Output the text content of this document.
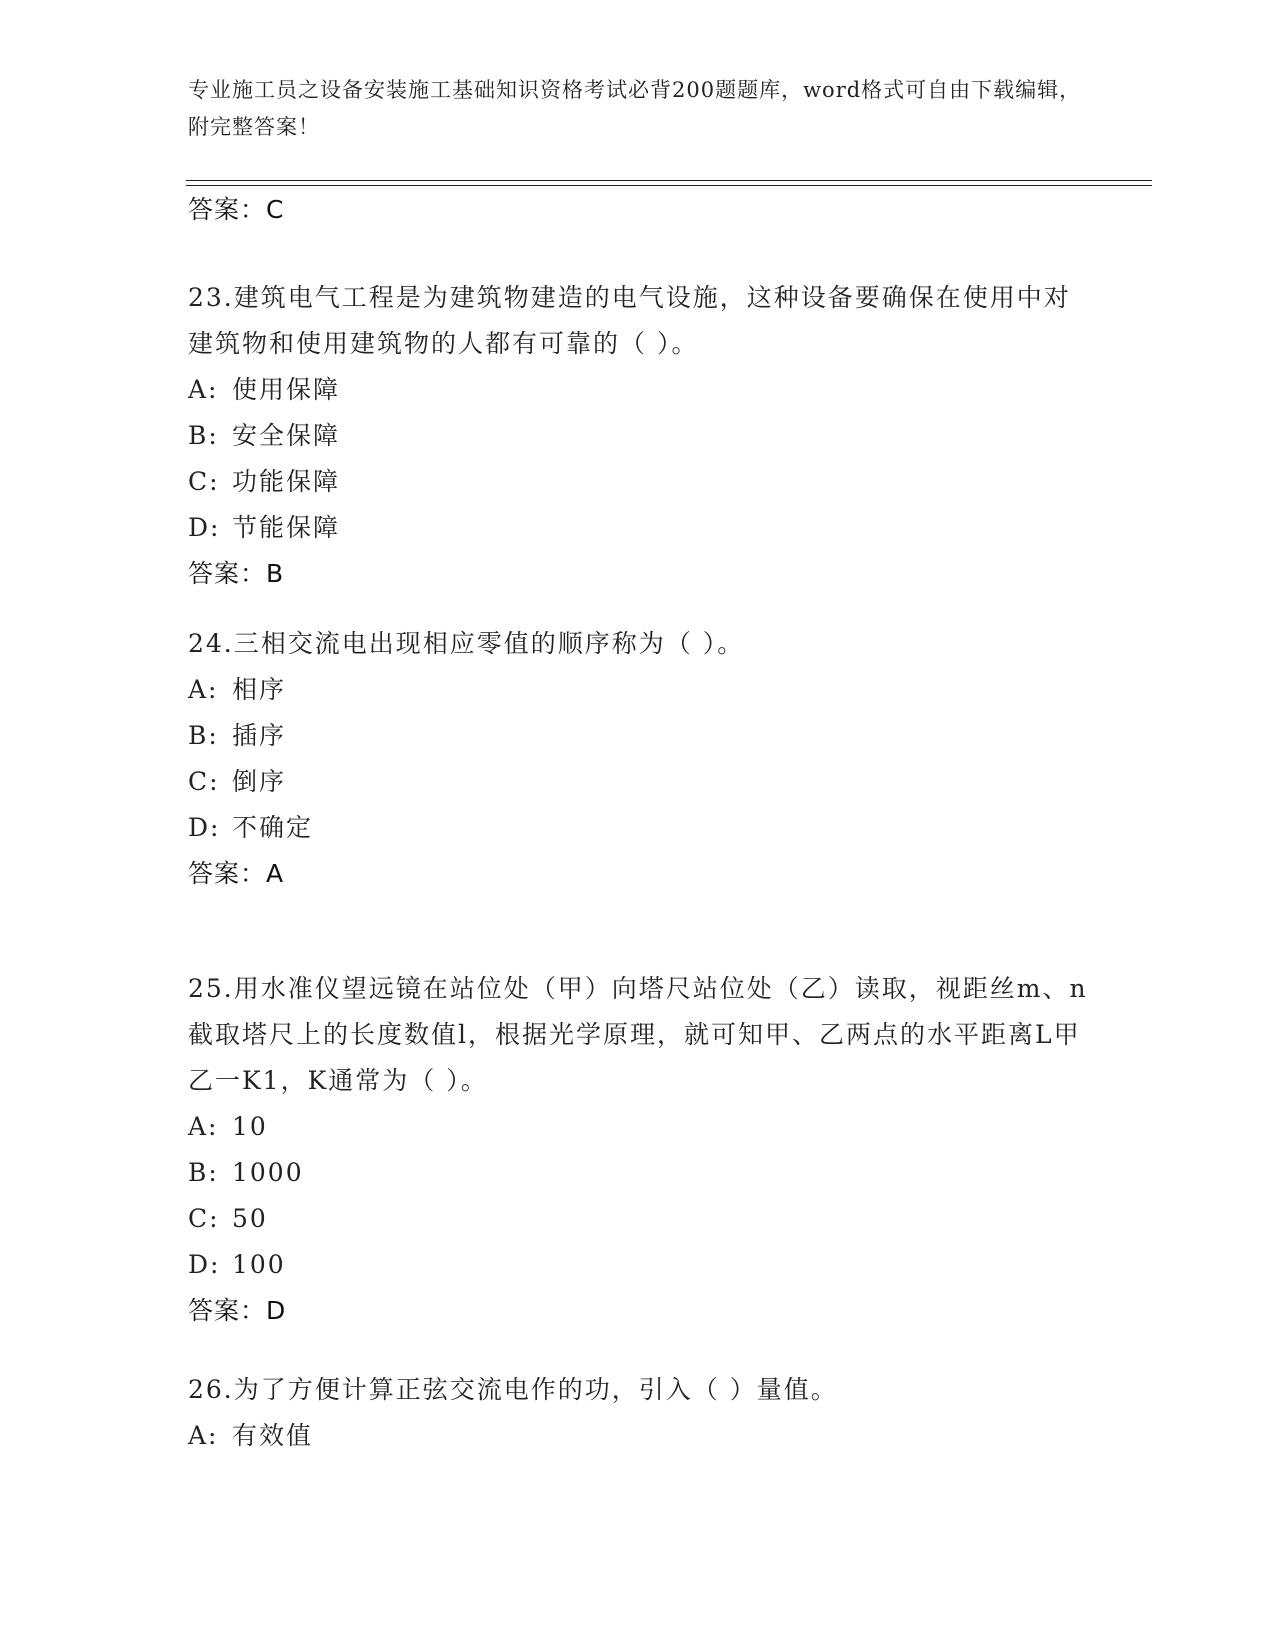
专业施工员之设备安装施工基础知识资格考试必背200题题库，word格式可自由下载编辑，附完整答案！
答案：C
23.建筑电气工程是为建筑物建造的电气设施，这种设备要确保在使用中对建筑物和使用建筑物的人都有可靠的（ ）。
A: 使用保障
B: 安全保障
C: 功能保障
D: 节能保障
答案：B
24.三相交流电出现相应零值的顺序称为（ ）。
A: 相序
B: 插序
C: 倒序
D: 不确定
答案：A
25.用水准仪望远镜在站位处（甲）向塔尺站位处（乙）读取，视距丝m、n截取塔尺上的长度数值l，根据光学原理，就可知甲、乙两点的水平距离L甲乙一K1，K通常为（ ）。
A: 10
B: 1000
C: 50
D: 100
答案：D
26.为了方便计算正弦交流电作的功，引入（ ）量值。
A: 有效值
